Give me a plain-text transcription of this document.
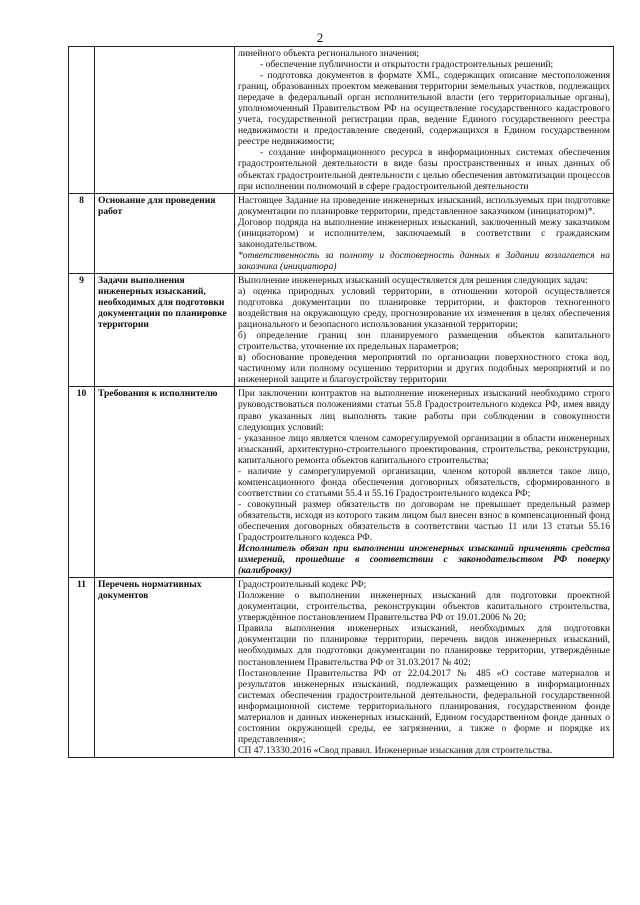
2

		линейного объекта регионального значения;

- обеспечение публичности и открытости градостроительных решений;

- подготовка документов в формате XML, содержащих описание местоположения границ, образованных проектом межевания территории земельных участков, подлежащих передаче в федеральный орган исполнительной власти (его территориальные органы), уполномоченный Правительством РФ на осуществление государственного кадастрового учета, государственной регистрации прав, ведение Единого государственного реестра недвижимости и предоставление сведений, содержащихся в Едином государственном реестре недвижимости;

- создание информационного ресурса в информационных системах обеспечения градостроительной деятельности в виде базы пространственных и иных данных об объектах градостроительной деятельности с целью обеспечения автоматизации процессов при исполнении полномочий в сфере градостроительной деятельности

8	Основание для проведения работ	Настоящее Задание на проведение инженерных изысканий, используемых при подготовке документации по планировке территории, представленное заказчиком (инициатором)*.

Договор подряда на выполнение инженерных изысканий, заключенный межу заказчиком (инициатором) и исполнителем, заключаемый в соответствии с гражданским законодательством.

*ответственность за полноту и достоверность данных в Задании возлагается на заказчика (инициатора)

9	Задачи выполнения инженерных изысканий, необходимых для подготовки документации по планировке территории	Выполнение инженерных изысканий осуществляется для решения следующих задач:

а) оценка природных условий территории, в отношении которой осуществляется подготовка документации по планировке территории, и факторов техногенного воздействия на окружающую среду, прогнозирование их изменения в целях обеспечения рационального и безопасного использования указанной территории;

б) определение границ зон планируемого размещения объектов капитального строительства, уточнение их предельных параметров;

в) обоснование проведения мероприятий по организации поверхностного стока вод, частичному или полному осушению территории и других подобных мероприятий и по инженерной защите и благоустройству территории

10	Требования к исполнителю	При заключении контрактов на выполнение инженерных изысканий необходимо строго руководствоваться положениями статьи 55.8 Градостроительного кодекса РФ, имея ввиду право указанных лиц выполнять такие работы при соблюдении в совокупности следующих условий:

- указанное лицо является членом саморегулируемой организации в области инженерных изысканий, архитектурно-строительного проектирования, строительства, реконструкции, капитального ремонта объектов капитального строительства;

- наличие у саморегулируемой организации, членом которой является такое лицо, компенсационного фонда обеспечения договорных обязательств, сформированного в соответствии со статьями 55.4 и 55.16 Градостроительного кодекса РФ;

- совокупный размер обязательств по договорам не превышает предельный размер обязательств, исходя из которого таким лицом был внесен взнос в компенсационный фонд обеспечения договорных обязательств в соответствии частью 11 или 13 статьи 55.16 Градостроительного кодекса РФ.

Исполнитель обязан при выполнении инженерных изысканий применять средства измерений, прошедшие в соответствии с законодательством РФ поверку (калибровку)

11	Перечень нормативных документов	Градостроительный кодекс РФ;

Положение о выполнении инженерных изысканий для подготовки проектной документации, строительства, реконструкции объектов капитального строительства, утверждённое постановлением Правительства РФ от 19.01.2006 № 20;

Правила выполнения инженерных изысканий, необходимых для подготовки документации по планировке территории, перечень видов инженерных изысканий, необходимых для подготовки документации по планировке территории, утверждённые постановлением Правительства РФ от 31.03.2017 № 402;

Постановление Правительства РФ от 22.04.2017 № 485 «О составе материалов и результатов инженерных изысканий, подлежащих размещению в информационных системах обеспечения градостроительной деятельности, федеральной государственной информационной системе территориального планирования, государственном фонде материалов и данных инженерных изысканий, Едином государственном фонде данных о состоянии окружающей среды, ее загрязнении, а также о форме и порядке их представления»;

СП 47.13330.2016 «Свод правил. Инженерные изыскания для строительства.
